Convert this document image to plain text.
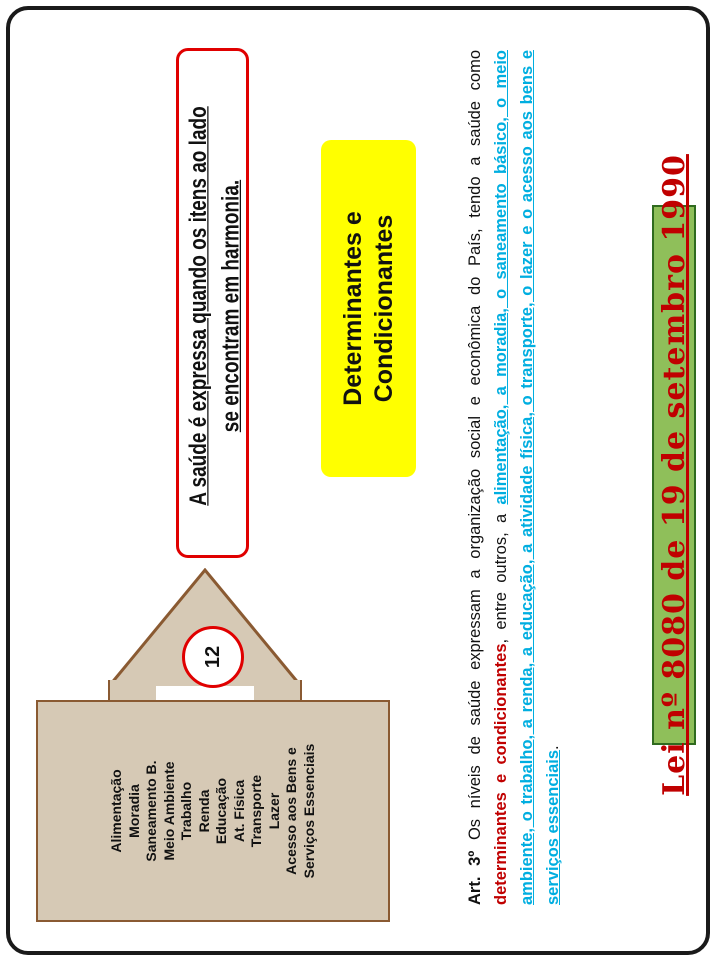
Lei nº 8080 de 19 de setembro 1990
Art. 3º Os níveis de saúde expressam a organização social e econômica do País, tendo a saúde como determinantes e condicionantes, entre outros, a alimentação, a moradia, o saneamento básico, o meio ambiente, o trabalho, a renda, a educação, a atividade física, o transporte, o lazer e o acesso aos bens e serviços essenciais.
Determinantes e Condicionantes
A saúde é expressa quando os itens ao lado se encontram em harmonia.
12
Alimentação Moradia Saneamento B. Meio Ambiente Trabalho Renda Educação At. Física Transporte Lazer Acesso aos Bens e Serviços Essenciais
